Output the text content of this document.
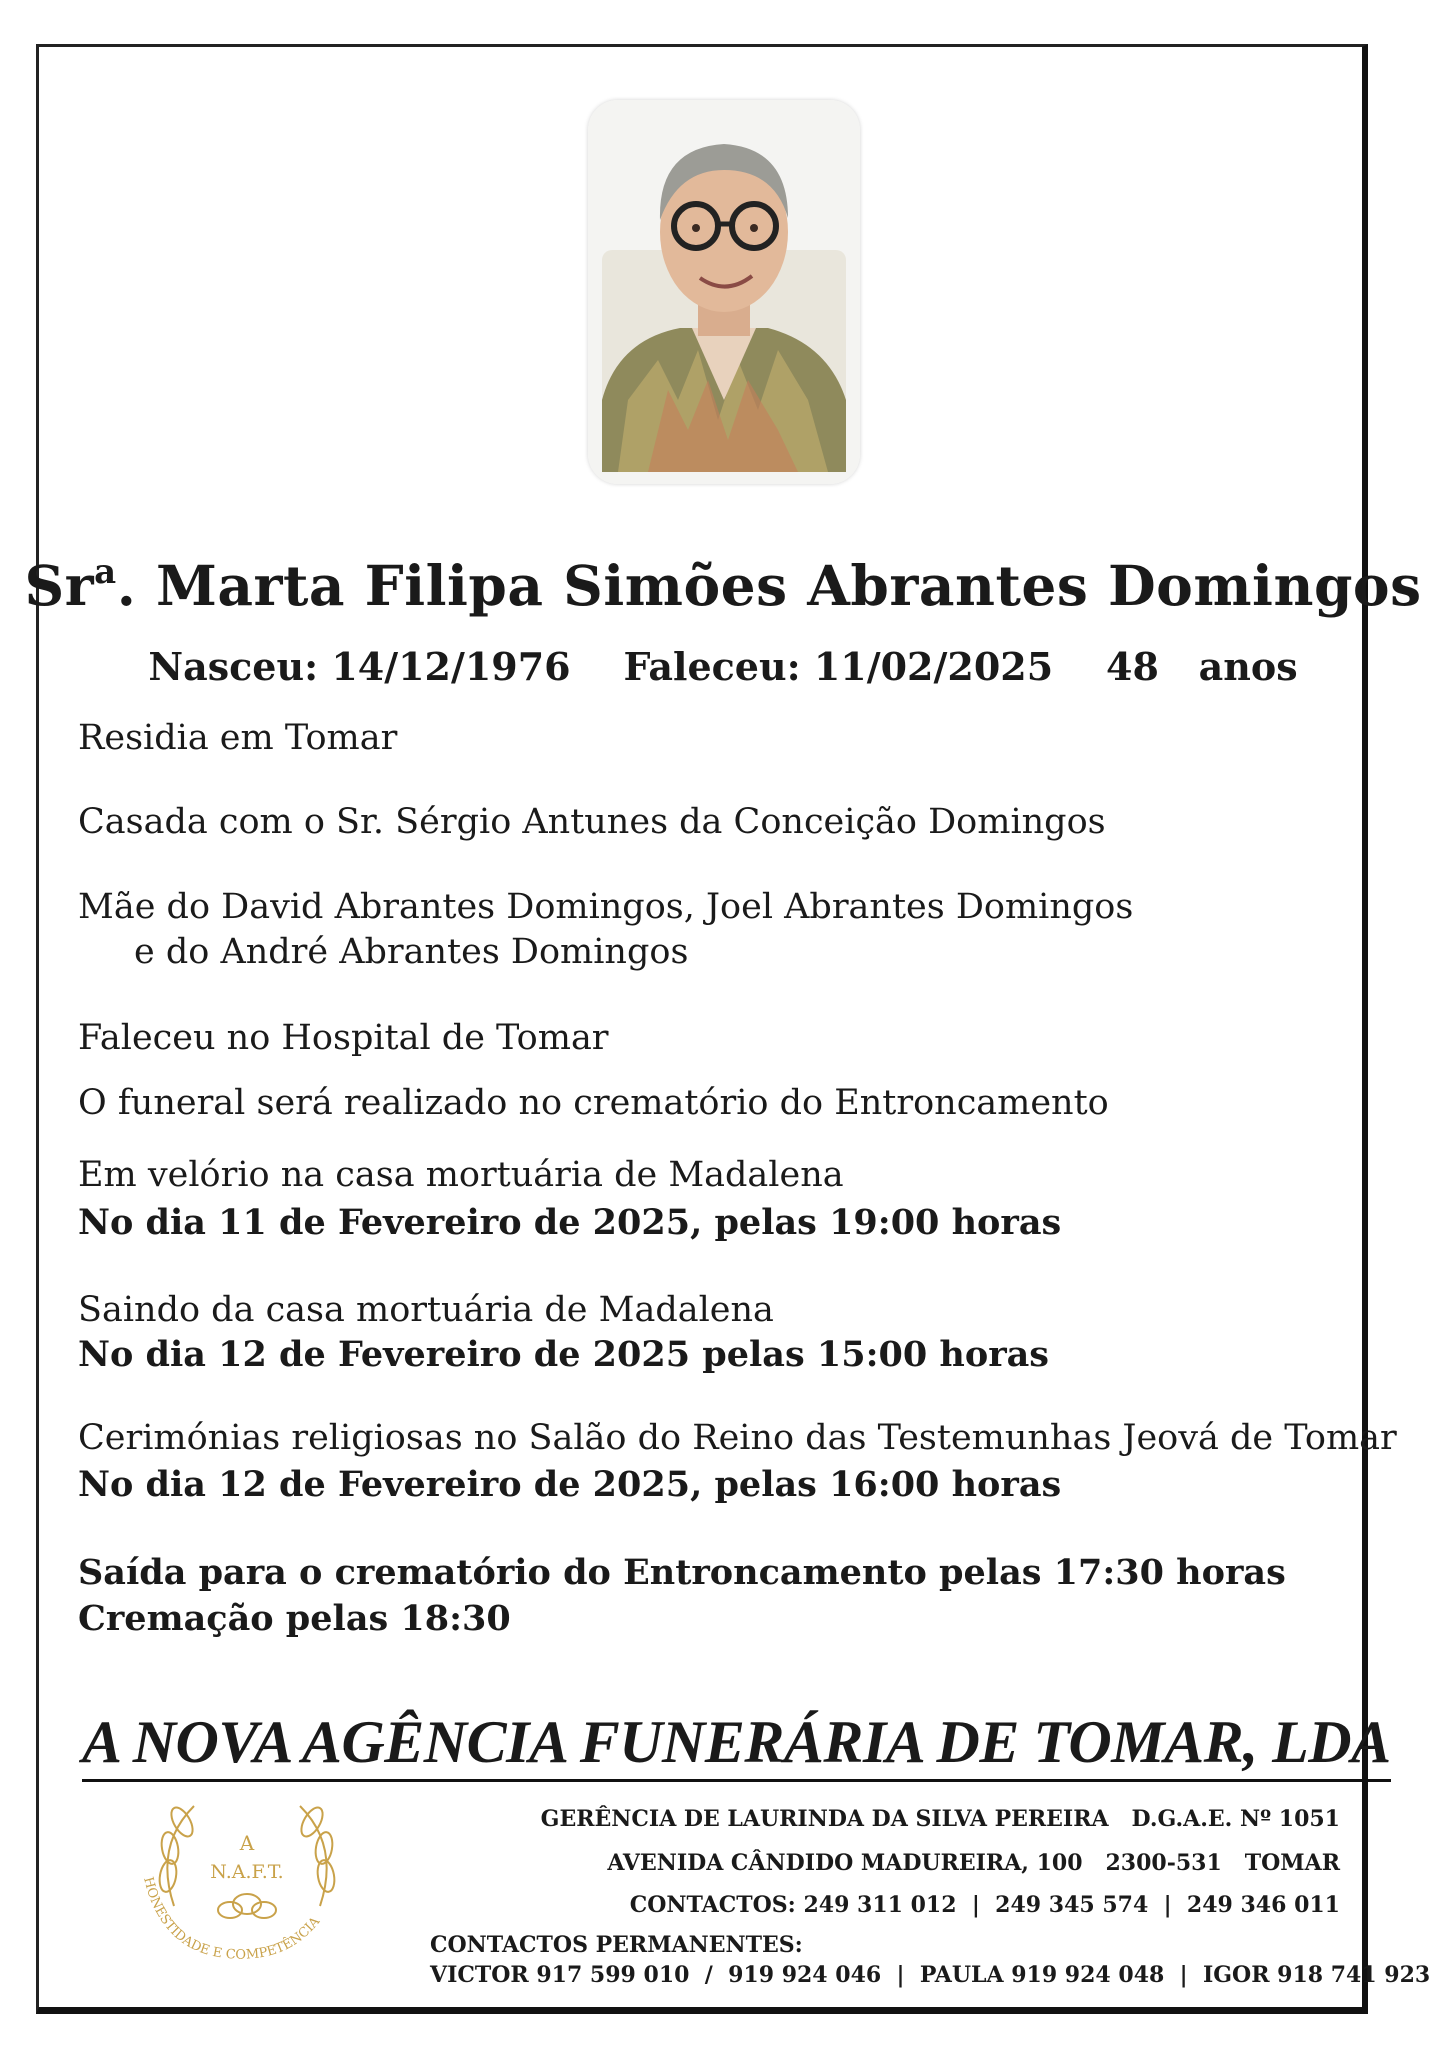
Sr$^a$. Marta Filipa Simões Abrantes Domingos
Nasceu: 14/12/1976    Faleceu: 11/02/2025    48   anos
Residia em Tomar
Casada com o Sr. Sérgio Antunes da Conceição Domingos
Mãe do David Abrantes Domingos, Joel Abrantes Domingos
e do André Abrantes Domingos
Faleceu no Hospital de Tomar
O funeral será realizado no crematório do Entroncamento
Em velório na casa mortuária de Madalena
No dia 11 de Fevereiro de 2025, pelas 19:00 horas
Saindo da casa mortuária de Madalena
No dia 12 de Fevereiro de 2025 pelas 15:00 horas
Cerimónias religiosas no Salão do Reino das Testemunhas Jeová de Tomar
No dia 12 de Fevereiro de 2025, pelas 16:00 horas
Saída para o crematório do Entroncamento pelas 17:30 horas
Cremação pelas 18:30
A NOVA AGÊNCIA FUNERÁRIA DE TOMAR, LDA
A
N.A.F.T.
HONESTIDADE E COMPETÊNCIA
GERÊNCIA DE LAURINDA DA SILVA PEREIRA   D.G.A.E. Nº 1051
AVENIDA CÂNDIDO MADUREIRA, 100   2300-531   TOMAR
CONTACTOS: 249 311 012  |  249 345 574  |  249 346 011
CONTACTOS PERMANENTES:
VICTOR 917 599 010  /  919 924 046  |  PAULA 919 924 048  |  IGOR 918 741 923
